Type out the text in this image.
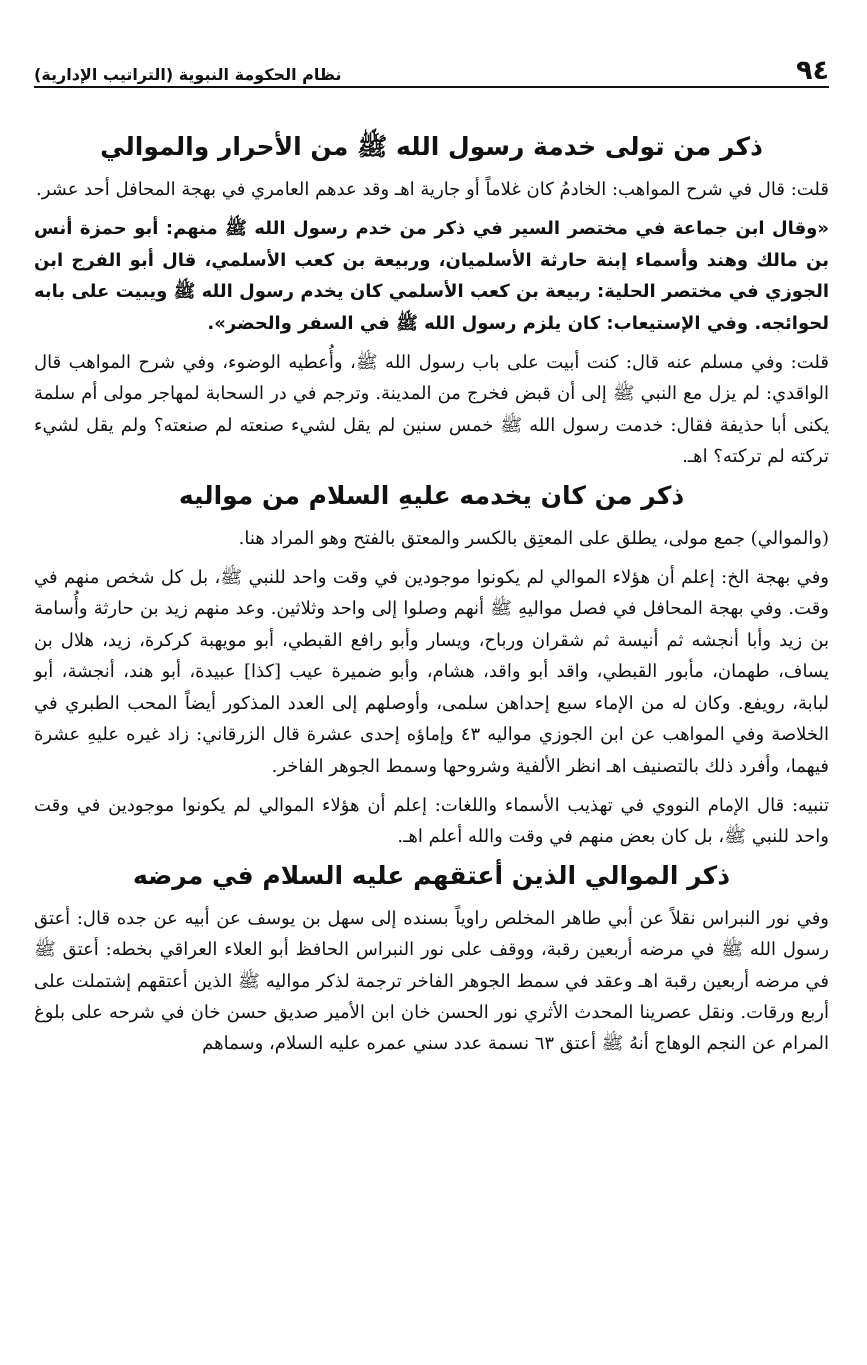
٩٤
نظام الحكومة النبوية (التراتيب الإدارية)
ذكر من تولى خدمة رسول الله ﷺ من الأحرار والموالي

قلت: قال في شرح المواهب: الخادمُ كان غلاماً أو جارية اهـ وقد عدهم العامري في بهجة المحافل أحد عشر.

«وقال ابن جماعة في مختصر السير في ذكر من خدم رسول الله ﷺ منهم: أبو حمزة أنس بن مالك وهند وأسماء إبنة حارثة الأسلميان، وربيعة بن كعب الأسلمي، قال أبو الفرج ابن الجوزي في مختصر الحلية: ربيعة بن كعب الأسلمي كان يخدم رسول الله ﷺ ويبيت على بابه لحوائجه. وفي الإستيعاب: كان يلزم رسول الله ﷺ في السفر والحضر».

قلت: وفي مسلم عنه قال: كنت أبيت على باب رسول الله ﷺ، وأُعطيه الوضوء، وفي شرح المواهب قال الواقدي: لم يزل مع النبي ﷺ إلى أن قبض فخرج من المدينة. وترجم في در السحابة لمهاجر مولى أم سلمة يكنى أبا حذيفة فقال: خدمت رسول الله ﷺ خمس سنين لم يقل لشيء صنعته لم صنعته؟ ولم يقل لشيء تركته لم تركته؟ اهـ.

ذكر من كان يخدمه عليهِ السلام من مواليه

(والموالي) جمع مولى، يطلق على المعتِق بالكسر والمعتق بالفتح وهو المراد هنا.

وفي بهجة الخ: إعلم أن هؤلاء الموالي لم يكونوا موجودين في وقت واحد للنبي ﷺ، بل كل شخص منهم في وقت. وفي بهجة المحافل في فصل مواليهِ ﷺ أنهم وصلوا إلى واحد وثلاثين. وعد منهم زيد بن حارثة وأُسامة بن زيد وأبا أنجشه ثم أنيسة ثم شقران ورباح، ويسار وأبو رافع القبطي، أبو مويهبة كركرة، زيد، هلال بن يساف، طهمان، مأبور القبطي، واقد أبو واقد، هشام، وأبو ضميرة عيب [كذا] عبيدة، أبو هند، أنجشة، أبو لبابة، رويفع. وكان له من الإماء سبع إحداهن سلمى، وأوصلهم إلى العدد المذكور أيضاً المحب الطبري في الخلاصة وفي المواهب عن ابن الجوزي مواليه ٤٣ وإماؤه إحدى عشرة قال الزرقاني: زاد غيره عليهِ عشرة فيهما، وأفرد ذلك بالتصنيف اهـ انظر الألفية وشروحها وسمط الجوهر الفاخر.

تنبيه: قال الإمام النووي في تهذيب الأسماء واللغات: إعلم أن هؤلاء الموالي لم يكونوا موجودين في وقت واحد للنبي ﷺ، بل كان بعض منهم في وقت والله أعلم اهـ.

ذكر الموالي الذين أعتقهم عليه السلام في مرضه

وفي نور النبراس نقلاً عن أبي طاهر المخلص راوياً بسنده إلى سهل بن يوسف عن أبيه عن جده قال: أعتق رسول الله ﷺ في مرضه أربعين رقبة، ووقف على نور النبراس الحافظ أبو العلاء العراقي بخطه: أعتق ﷺ في مرضه أربعين رقبة اهـ وعقد في سمط الجوهر الفاخر ترجمة لذكر مواليه ﷺ الذين أعتقهم إشتملت على أربع ورقات. ونقل عصرينا المحدث الأثري نور الحسن خان ابن الأمير صديق حسن خان في شرحه على بلوغ المرام عن النجم الوهاج أنهُ ﷺ أعتق ٦٣ نسمة عدد سني عمره عليه السلام، وسماهم
